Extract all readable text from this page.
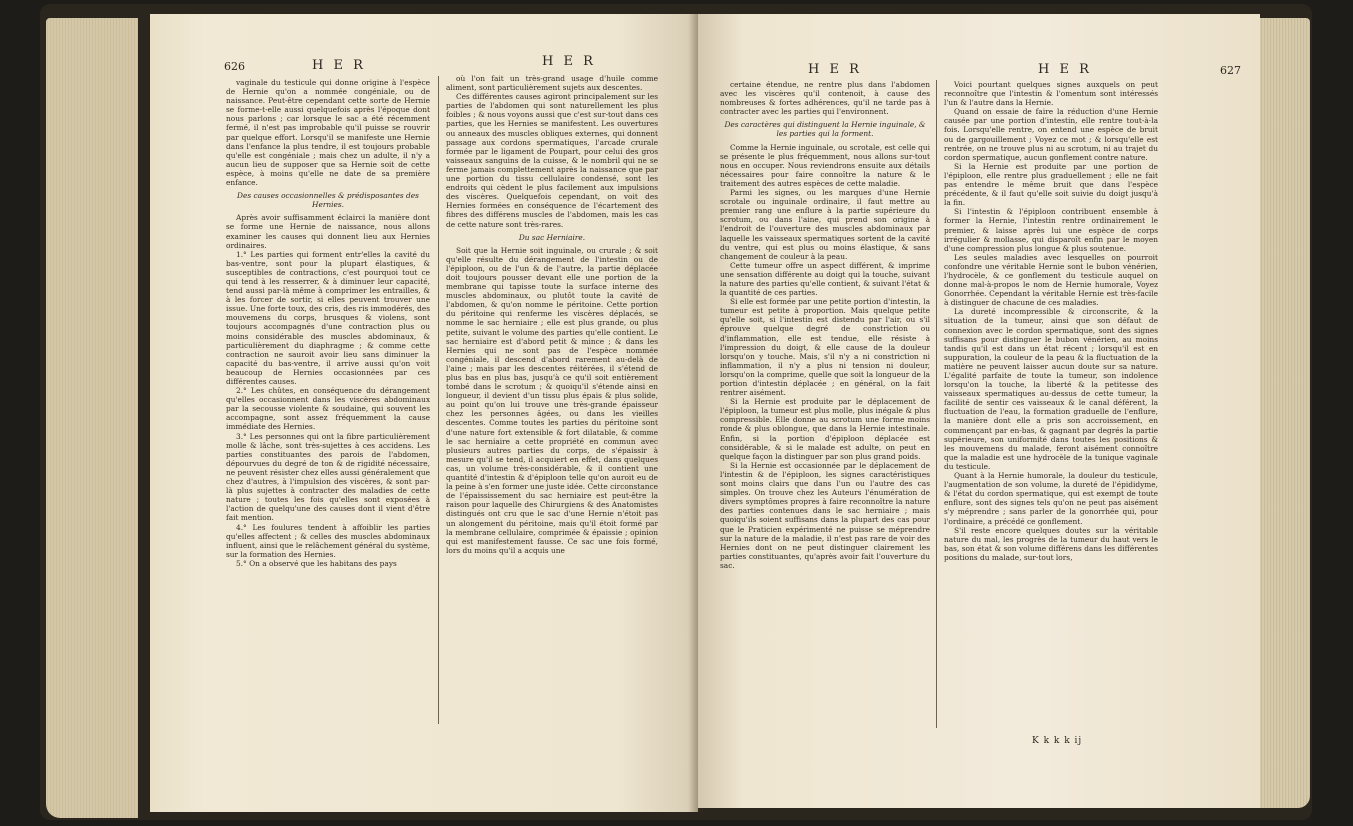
626	H E R	H E R

vaginale du testicule qui donne origine à l'espèce de Hernie qu'on a nommée congéniale, ou de naissance. Peut-être cependant cette sorte de Hernie se forme-t-elle aussi quelquefois après l'époque dont nous parlons ; car lorsque le sac a été récemment fermé, il n'est pas improbable qu'il puisse se rouvrir par quelque effort. Lorsqu'il se manifeste une Hernie dans l'enfance la plus tendre, il est toujours probable qu'elle est congéniale ; mais chez un adulte, il n'y a aucun lieu de supposer que sa Hernie soit de cette espèce, à moins qu'elle ne date de sa première enfance.

Des causes occasionnelles & prédisposantes des Hernies.

Après avoir suffisamment éclairci la manière dont se forme une Hernie de naissance, nous allons examiner les causes qui donnent lieu aux Hernies ordinaires.

1.° Les parties qui forment entr'elles la cavité du bas-ventre, sont pour la plupart élastiques, & susceptibles de contractions, c'est pourquoi tout ce qui tend à les resserrer, & à diminuer leur capacité, tend aussi par-là même à comprimer les entrailles, & à les forcer de sortir, si elles peuvent trouver une issue. Une forte toux, des cris, des ris immodérés, des mouvemens du corps, brusques & violens, sont toujours accompagnés d'une contraction plus ou moins considérable des muscles abdominaux, & particulièrement du diaphragme ; & comme cette contraction ne sauroit avoir lieu sans diminuer la capacité du bas-ventre, il arrive aussi qu'on voit beaucoup de Hernies occasionnées par ces différentes causes.

2.° Les chûtes, en conséquence du dérangement qu'elles occasionnent dans les viscères abdominaux par la secousse violente & soudaine, qui souvent les accompagne, sont assez fréquemment la cause immédiate des Hernies.

3.° Les personnes qui ont la fibre particulièrement molle & lâche, sont très-sujettes à ces accidens. Les parties constituantes des parois de l'abdomen, dépourvues du degré de ton & de rigidité nécessaire, ne peuvent résister chez elles aussi généralement que chez d'autres, à l'impulsion des viscères, & sont par-là plus sujettes à contracter des maladies de cette nature ; toutes les fois qu'elles sont exposées à l'action de quelqu'une des causes dont il vient d'être fait mention.

4.° Les foulures tendent à affoiblir les parties qu'elles affectent ; & celles des muscles abdominaux influent, ainsi que le relâchement général du système, sur la formation des Hernies.

5.° On a observé que les habitans des pays

où l'on fait un très-grand usage d'huile comme aliment, sont particulièrement sujets aux descentes.

Ces différentes causes agiront principalement sur les parties de l'abdomen qui sont naturellement les plus foibles ; & nous voyons aussi que c'est sur-tout dans ces parties, que les Hernies se manifestent. Les ouvertures ou anneaux des muscles obliques externes, qui donnent passage aux cordons spermatiques, l'arcade crurale formée par le ligament de Poupart, pour celui des gros vaisseaux sanguins de la cuisse, & le nombril qui ne se ferme jamais complettement après la naissance que par une portion du tissu cellulaire condensé, sont les endroits qui cèdent le plus facilement aux impulsions des viscères. Quelquefois cependant, on voit des Hernies formées en conséquence de l'écartement des fibres des différens muscles de l'abdomen, mais les cas de cette nature sont très-rares.

Du sac Herniaire.

Soit que la Hernie soit inguinale, ou crurale ; & soit qu'elle résulte du dérangement de l'intestin ou de l'épiploon, ou de l'un & de l'autre, la partie déplacée doit toujours pousser devant elle une portion de la membrane qui tapisse toute la surface interne des muscles abdominaux, ou plutôt toute la cavité de l'abdomen, & qu'on nomme le péritoine. Cette portion du péritoine qui renferme les viscères déplacés, se nomme le sac herniaire ; elle est plus grande, ou plus petite, suivant le volume des parties qu'elle contient. Le sac herniaire est d'abord petit & mince ; & dans les Hernies qui ne sont pas de l'espèce nommée congéniale, il descend d'abord rarement au-delà de l'aine ; mais par les descentes réitérées, il s'étend de plus bas en plus bas, jusqu'à ce qu'il soit entièrement tombé dans le scrotum ; & quoiqu'il s'étende ainsi en longueur, il devient d'un tissu plus épais & plus solide, au point qu'on lui trouve une très-grande épaisseur chez les personnes âgées, ou dans les vieilles descentes. Comme toutes les parties du péritoine sont d'une nature fort extensible & fort dilatable, & comme le sac herniaire a cette propriété en commun avec plusieurs autres parties du corps, de s'épaissir à mesure qu'il se tend, il acquiert en effet, dans quelques cas, un volume très-considérable, & il contient une quantité d'intestin & d'épiploon telle qu'on auroit eu de la peine à s'en former une juste idée. Cette circonstance de l'épaississement du sac herniaire est peut-être la raison pour laquelle des Chirurgiens & des Anatomistes distingués ont cru que le sac d'une Hernie n'étoit pas un alongement du péritoine, mais qu'il étoit formé par la membrane cellulaire, comprimée & épaissie ; opinion qui est manifestement fausse. Ce sac une fois formé, lors du moins qu'il a acquis une

H E R	H E R	627

certaine étendue, ne rentre plus dans l'abdomen avec les viscères qu'il contenoit, à cause des nombreuses & fortes adhérences, qu'il ne tarde pas à contracter avec les parties qui l'environnent.

Des caractères qui distinguent la Hernie inguinale, & les parties qui la forment.

Comme la Hernie inguinale, ou scrotale, est celle qui se présente le plus fréquemment, nous allons sur-tout nous en occuper. Nous reviendrons ensuite aux détails nécessaires pour faire connoître la nature & le traitement des autres espèces de cette maladie.

Parmi les signes, ou les marques d'une Hernie scrotale ou inguinale ordinaire, il faut mettre au premier rang une enflure à la partie supérieure du scrotum, ou dans l'aine, qui prend son origine à l'endroit de l'ouverture des muscles abdominaux par laquelle les vaisseaux spermatiques sortent de la cavité du ventre, qui est plus ou moins élastique, & sans changement de couleur à la peau.

Cette tumeur offre un aspect différent, & imprime une sensation différente au doigt qui la touche, suivant la nature des parties qu'elle contient, & suivant l'état & la quantité de ces parties.

Si elle est formée par une petite portion d'intestin, la tumeur est petite à proportion. Mais quelque petite qu'elle soit, si l'intestin est distendu par l'air, ou s'il éprouve quelque degré de constriction ou d'inflammation, elle est tendue, elle résiste à l'impression du doigt, & elle cause de la douleur lorsqu'on y touche. Mais, s'il n'y a ni constriction ni inflammation, il n'y a plus ni tension ni douleur, lorsqu'on la comprime, quelle que soit la longueur de la portion d'intestin déplacée ; en général, on la fait rentrer aisément.

Si la Hernie est produite par le déplacement de l'épiploon, la tumeur est plus molle, plus inégale & plus compressible. Elle donne au scrotum une forme moins ronde & plus oblongue, que dans la Hernie intestinale. Enfin, si la portion d'épiploon déplacée est considérable, & si le malade est adulte, on peut en quelque façon la distinguer par son plus grand poids.

Si la Hernie est occasionnée par le déplacement de l'intestin & de l'épiploon, les signes caractéristiques sont moins clairs que dans l'un ou l'autre des cas simples. On trouve chez les Auteurs l'énumération de divers symptômes propres à faire reconnoître la nature des parties contenues dans le sac herniaire ; mais quoiqu'ils soient suffisans dans la plupart des cas pour que le Praticien expérimenté ne puisse se méprendre sur la nature de la maladie, il n'est pas rare de voir des Hernies dont on ne peut distinguer clairement les parties constituantes, qu'après avoir fait l'ouverture du sac.

Voici pourtant quelques signes auxquels on peut reconnoître que l'intestin & l'omentum sont intéressés l'un & l'autre dans la Hernie.

Quand on essaie de faire la réduction d'une Hernie causée par une portion d'intestin, elle rentre tout-à-la fois. Lorsqu'elle rentre, on entend une espèce de bruit ou de gargouillement ; Voyez ce mot ; & lorsqu'elle est rentrée, on ne trouve plus ni au scrotum, ni au trajet du cordon spermatique, aucun gonflement contre nature.

Si la Hernie est produite par une portion de l'épiploon, elle rentre plus graduellement ; elle ne fait pas entendre le même bruit que dans l'espèce précédente, & il faut qu'elle soit suivie du doigt jusqu'à la fin.

Si l'intestin & l'épiploon contribuent ensemble à former la Hernie, l'intestin rentre ordinairement le premier, & laisse après lui une espèce de corps irrégulier & mollasse, qui disparoît enfin par le moyen d'une compression plus longue & plus soutenue.

Les seules maladies avec lesquelles on pourroit confondre une véritable Hernie sont le bubon vénérien, l'hydrocèle, & ce gonflement du testicule auquel on donne mal-à-propos le nom de Hernie humorale, Voyez Gonorrhée. Cependant la véritable Hernie est très-facile à distinguer de chacune de ces maladies.

La dureté incompressible & circonscrite, & la situation de la tumeur, ainsi que son défaut de connexion avec le cordon spermatique, sont des signes suffisans pour distinguer le bubon vénérien, au moins tandis qu'il est dans un état récent ; lorsqu'il est en suppuration, la couleur de la peau & la fluctuation de la matière ne peuvent laisser aucun doute sur sa nature. L'égalité parfaite de toute la tumeur, son indolence lorsqu'on la touche, la liberté & la petitesse des vaisseaux spermatiques au-dessus de cette tumeur, la facilité de sentir ces vaisseaux & le canal déférent, la fluctuation de l'eau, la formation graduelle de l'enflure, la manière dont elle a pris son accroissement, en commençant par en-bas, & gagnant par degrés la partie supérieure, son uniformité dans toutes les positions & les mouvemens du malade, feront aisément connoître que la maladie est une hydrocèle de la tunique vaginale du testicule.

Quant à la Hernie humorale, la douleur du testicule, l'augmentation de son volume, la dureté de l'épididyme, & l'état du cordon spermatique, qui est exempt de toute enflure, sont des signes tels qu'on ne peut pas aisément s'y méprendre ; sans parler de la gonorrhée qui, pour l'ordinaire, a précédé ce gonflement.

S'il reste encore quelques doutes sur la véritable nature du mal, les progrès de la tumeur du haut vers le bas, son état & son volume différens dans les différentes positions du malade, sur-tout lors,

K k k k ij
